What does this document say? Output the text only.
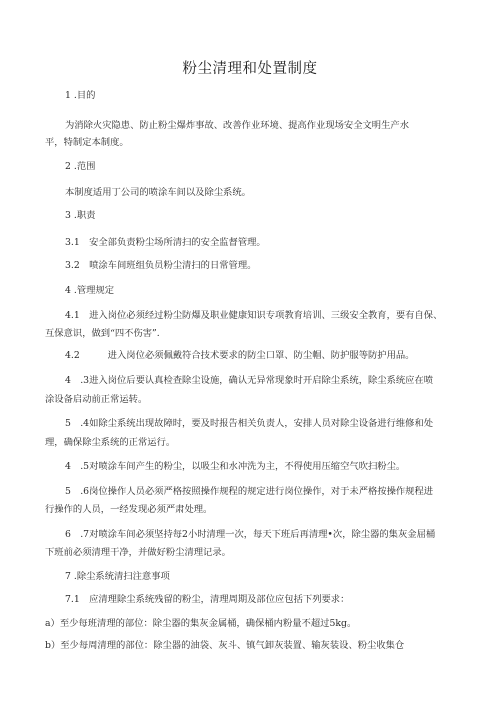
粉尘清理和处置制度
1 .目的
为消除火灾隐患、防止粉尘爆炸事故、改善作业环境、提高作业现场安全文明生产水
平，特制定本制度。
2 .范围
本制度适用丁公司的喷涂车间以及除尘系统。
3 .职责
3.1　安全部负责粉尘场所清扫的安全监督管理。
3.2　喷涂车间班组负员粉尘清扫的日常管理。
4 .管理规定
4.1　进入岗位必须经过粉尘防爆及职业健康知识专项教育培训、三级安全教育，要有自保、
互保意识，做到“四不伤害”.
4.2　　　进入岗位必须佩戴符合技术要求的防尘口罩、防尘帽、防护服等防护用品。
4　.3进入岗位后要认真检查除尘设施，确认无异常现象时开启除尘系统，除尘系统应在喷
涂设备启动前正常运转。
5　.4如除尘系统出现故障时，要及时报告相关负责人，安排人员对除尘设备进行维修和处
理，确保除尘系统的正常运行。
4　.5对喷涂车间产生的粉尘，以吸尘和水冲洗为主，不得使用压缩空气吹扫粉尘。
5　.6岗位操作人员必须严格按照操作规程的规定进行岗位操作，对于未严格按操作规程进
行操作的人员，一经发现必须严肃处理。
6　.7对喷涂车间必须坚持每2小时清理一次，每天下班后再清理•次，除尘器的集灰金屈桶
下班前必须清理干净，并做好粉尘清理记录。
7 .除尘系统清扫注意事项
7.1　应清理除尘系统残留的粉尘，清理周期及部位应包括下列要求：
a）至少每班清理的部位：除尘器的集灰金属桶，确保桶内粉量不超过5kg。
b）至少每周清理的部位：除尘器的油袋、灰斗、镇气卸灰装置、输灰装设、粉尘收集仓
